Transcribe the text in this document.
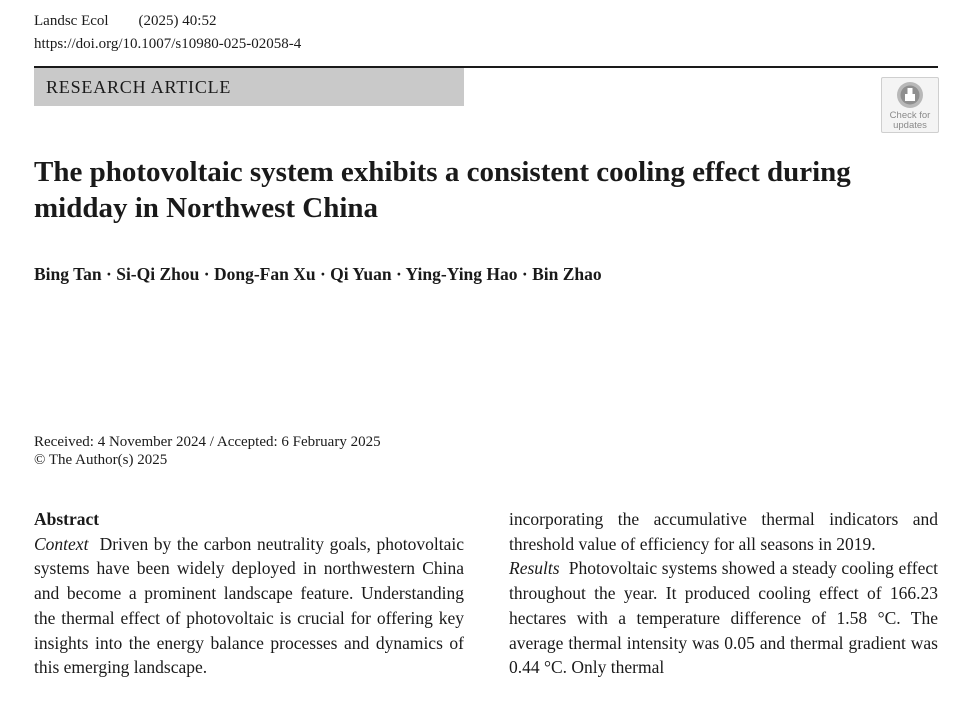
Landsc Ecol        (2025) 40:52
https://doi.org/10.1007/s10980-025-02058-4
RESEARCH ARTICLE
Check for
updates
The photovoltaic system exhibits a consistent cooling effect during midday in Northwest China
Bing Tan · Si-Qi Zhou · Dong-Fan Xu · Qi Yuan · Ying-Ying Hao · Bin Zhao
Received: 4 November 2024 / Accepted: 6 February 2025
© The Author(s) 2025
Abstract

Context Driven by the carbon neutrality goals, photovoltaic systems have been widely deployed in northwestern China and become a prominent landscape feature. Understanding the thermal effect of photovoltaic is crucial for offering key insights into the energy balance processes and dynamics of this emerging landscape.

incorporating the accumulative thermal indicators and threshold value of efficiency for all seasons in 2019.

Results Photovoltaic systems showed a steady cooling effect throughout the year. It produced cooling effect of 166.23 hectares with a temperature difference of 1.58 °C. The average thermal intensity was 0.05 and thermal gradient was 0.44 °C. Only thermal
